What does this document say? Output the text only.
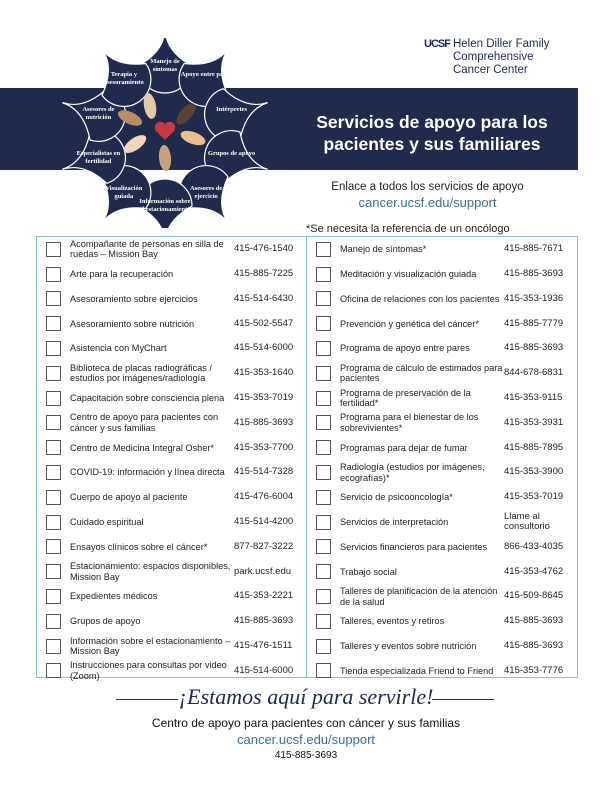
Manejo de síntomas
Apoyo entre pares
Intérpretes
Grupos de apoyo
Asesores de ejercicio
Información sobre el estacionamiento
Visualización guiada
Especialistas en fertilidad
Asesores de nutrición
Terapia y asesoramiento
UCSF Helen Diller Family
Comprehensive
Cancer Center
Servicios de apoyo para los
pacientes y sus familiares
Enlace a todos los servicios de apoyo
cancer.ucsf.edu/support
*Se necesita la referencia de un oncólogo
Acompañante de personas en silla de ruedas – Mission Bay
415-476-1540
Arte para la recuperación	415-885-7225
Asesoramiento sobre ejercicios	415-514-6430
Asesoramiento sobre nutrición	415-502-5547
Asistencia con MyChart	415-514-6000
Biblioteca de placas radiográficas / estudios por imágenes/radiología
415-353-1640
Capacitación sobre consciencia plena	415-353-7019
Centro de apoyo para pacientes con cáncer y sus familias
415-885-3693
Centro de Medicina Integral Osher*	415-353-7700
COVID-19: información y línea directa 415-514-7328
Cuerpo de apoyo al paciente	415-476-6004
Cuidado espiritual	415-514-4200
Ensayos clínicos sobre el cáncer*	877-827-3222
Estacionamiento: espacios disponibles, Mission Bay
park.ucsf.edu
Expedientes médicos	415-353-2221
Grupos de apoyo	415-885-3693
Información sobre el estacionamiento – Mission Bay
415-476-1511
Instrucciones para consultas por video (Zoom)
415-514-6000
Manejo de síntomas*	415-885-7671
Meditación y visualización guiada	415-885-3693
Oficina de relaciones con los pacientes 415-353-1936
Prevención y genética del cáncer*	415-885-7779
Programa de apoyo entre pares	415-885-3693
Programa de cálculo de estimados para pacientes
844-678-6831
Programa de preservación de la fertilidad*
415-353-9115
Programa para el bienestar de los sobrevivientes*
415-353-3931
Programas para dejar de fumar	415-885-7895
Radiología (estudios por imágenes, ecografías)*
415-353-3900
Servicio de psicooncología*	415-353-7019
Servicios de interpretación
Llame al consultorio
Servicios financieros para pacientes	866-433-4035
Trabajo social	415-353-4762
Talleres de planificación de la atención de la salud
415-509-8645
Talleres, eventos y retiros	415-885-3693
Talleres y eventos sobre nutrición	415-885-3693
Tienda especializada Friend to Friend	415-353-7776
¡Estamos aquí para servirle!
Centro de apoyo para pacientes con cáncer y sus familias
cancer.ucsf.edu/support
415-885-3693
